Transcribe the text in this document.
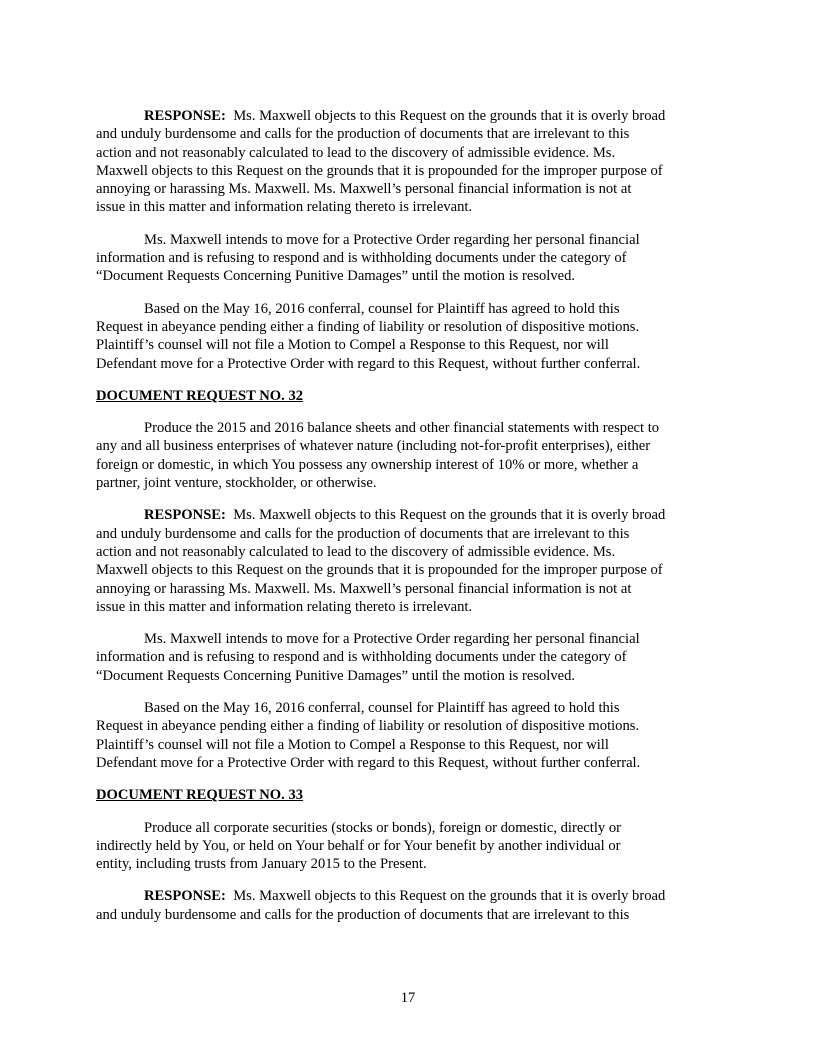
RESPONSE: Ms. Maxwell objects to this Request on the grounds that it is overly broad
and unduly burdensome and calls for the production of documents that are irrelevant to this
action and not reasonably calculated to lead to the discovery of admissible evidence. Ms.
Maxwell objects to this Request on the grounds that it is propounded for the improper purpose of
annoying or harassing Ms. Maxwell. Ms. Maxwell’s personal financial information is not at
issue in this matter and information relating thereto is irrelevant.
Ms. Maxwell intends to move for a Protective Order regarding her personal financial
information and is refusing to respond and is withholding documents under the category of
“Document Requests Concerning Punitive Damages” until the motion is resolved.
Based on the May 16, 2016 conferral, counsel for Plaintiff has agreed to hold this
Request in abeyance pending either a finding of liability or resolution of dispositive motions.
Plaintiff’s counsel will not file a Motion to Compel a Response to this Request, nor will
Defendant move for a Protective Order with regard to this Request, without further conferral.

DOCUMENT REQUEST NO. 32

Produce the 2015 and 2016 balance sheets and other financial statements with respect to
any and all business enterprises of whatever nature (including not-for-profit enterprises), either
foreign or domestic, in which You possess any ownership interest of 10% or more, whether a
partner, joint venture, stockholder, or otherwise.
RESPONSE: Ms. Maxwell objects to this Request on the grounds that it is overly broad
and unduly burdensome and calls for the production of documents that are irrelevant to this
action and not reasonably calculated to lead to the discovery of admissible evidence. Ms.
Maxwell objects to this Request on the grounds that it is propounded for the improper purpose of
annoying or harassing Ms. Maxwell. Ms. Maxwell’s personal financial information is not at
issue in this matter and information relating thereto is irrelevant.
Ms. Maxwell intends to move for a Protective Order regarding her personal financial
information and is refusing to respond and is withholding documents under the category of
“Document Requests Concerning Punitive Damages” until the motion is resolved.
Based on the May 16, 2016 conferral, counsel for Plaintiff has agreed to hold this
Request in abeyance pending either a finding of liability or resolution of dispositive motions.
Plaintiff’s counsel will not file a Motion to Compel a Response to this Request, nor will
Defendant move for a Protective Order with regard to this Request, without further conferral.

DOCUMENT REQUEST NO. 33

Produce all corporate securities (stocks or bonds), foreign or domestic, directly or
indirectly held by You, or held on Your behalf or for Your benefit by another individual or
entity, including trusts from January 2015 to the Present.
RESPONSE: Ms. Maxwell objects to this Request on the grounds that it is overly broad
and unduly burdensome and calls for the production of documents that are irrelevant to this
17
